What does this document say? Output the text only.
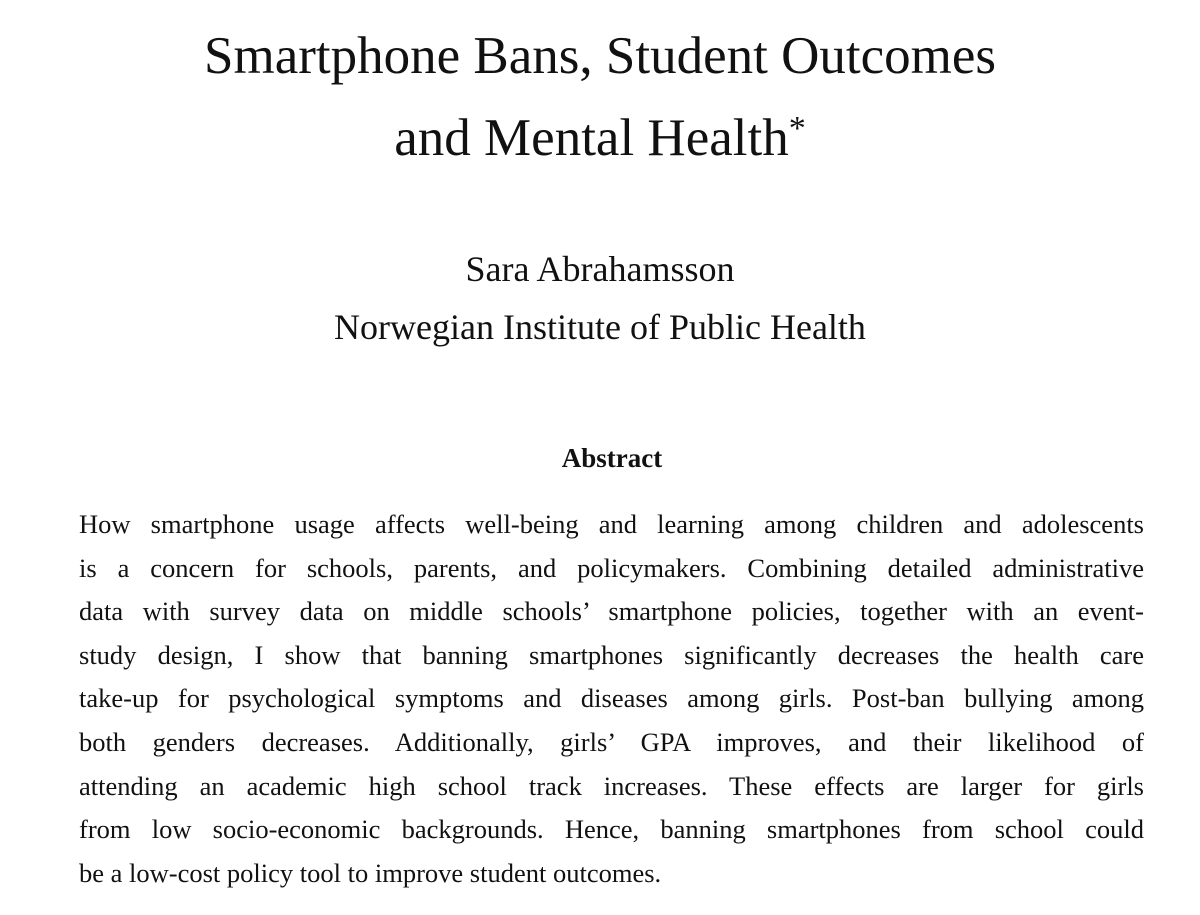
Smartphone Bans, Student Outcomes
and Mental Health*

Sara Abrahamsson

Norwegian Institute of Public Health

Abstract
How smartphone usage affects well-being and learning among children and adolescents
is a concern for schools, parents, and policymakers. Combining detailed administrative
data with survey data on middle schools’ smartphone policies, together with an event-
study design, I show that banning smartphones significantly decreases the health care
take-up for psychological symptoms and diseases among girls. Post-ban bullying among
both genders decreases. Additionally, girls’ GPA improves, and their likelihood of
attending an academic high school track increases. These effects are larger for girls
from low socio-economic backgrounds. Hence, banning smartphones from school could
be a low-cost policy tool to improve student outcomes.
